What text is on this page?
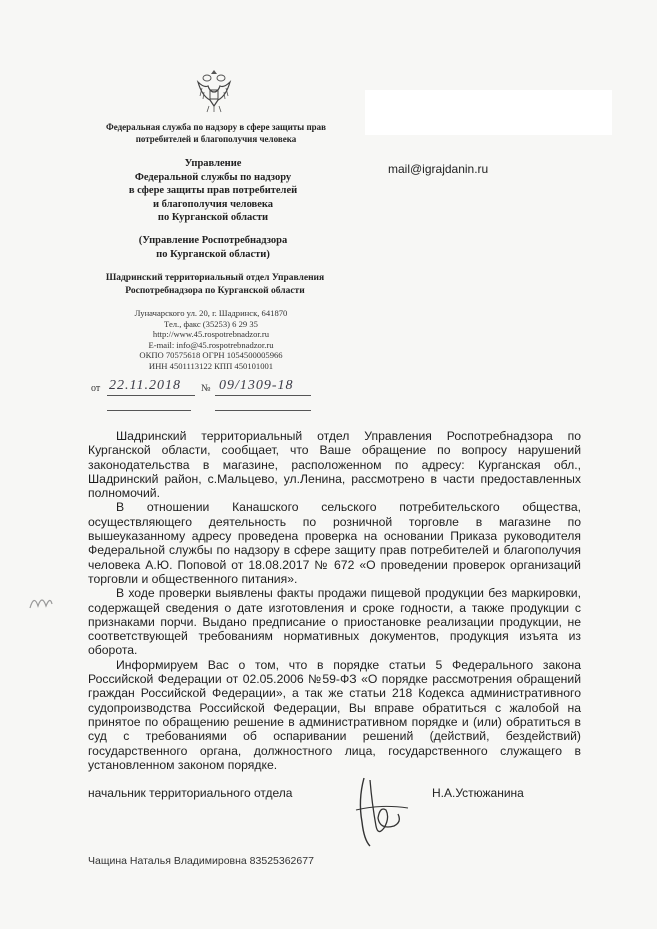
Федеральная служба по надзору в сфере защиты прав
потребителей и благополучия человека
Управление
Федеральной службы по надзору
в сфере защиты прав потребителей
и благополучия человека
по Курганской области
(Управление Роспотребнадзора
по Курганской области)
Шадринский территориальный отдел Управления
Роспотребнадзора по Курганской области
Луначарского ул. 20, г. Шадринск, 641870
Тел., факс (35253) 6 29 35
http://www.45.rospotrebnadzor.ru
E-mail: info@45.rospotrebnadzor.ru
ОКПО 70575618 ОГРН 1054500005966
ИНН 4501113122 КПП 450101001
mail@igrajdanin.ru
от 22.11.2018 № 09/1309-18

Шадринский территориальный отдел Управления Роспотребнадзора по Курганской области, сообщает, что Ваше обращение по вопросу нарушений законодательства в магазине, расположенном по адресу: Курганская обл., Шадринский район, с.Мальцево, ул.Ленина, рассмотрено в части предоставленных полномочий.

В отношении Канашского сельского потребительского общества, осуществляющего деятельность по розничной торговле в магазине по вышеуказанному адресу проведена проверка на основании Приказа руководителя Федеральной службы по надзору в сфере защиту прав потребителей и благополучия человека А.Ю. Поповой от 18.08.2017 № 672 «О проведении проверок организаций торговли и общественного питания».

В ходе проверки выявлены факты продажи пищевой продукции без маркировки, содержащей сведения о дате изготовления и сроке годности, а также продукции с признаками порчи. Выдано предписание о приостановке реализации продукции, не соответствующей требованиям нормативных документов, продукция изъята из оборота.

Информируем Вас о том, что в порядке статьи 5 Федерального закона Российской Федерации от 02.05.2006 №59-ФЗ «О порядке рассмотрения обращений граждан Российской Федерации», а так же статьи 218 Кодекса административного судопроизводства Российской Федерации, Вы вправе обратиться с жалобой на принятое по обращению решение в административном порядке и (или) обратиться в суд с требованиями об оспаривании решений (действий, бездействий) государственного органа, должностного лица, государственного служащего в установленном законом порядке.

начальник территориального отдела	Н.А.Устюжанина
Чащина Наталья Владимировна 83525362677
